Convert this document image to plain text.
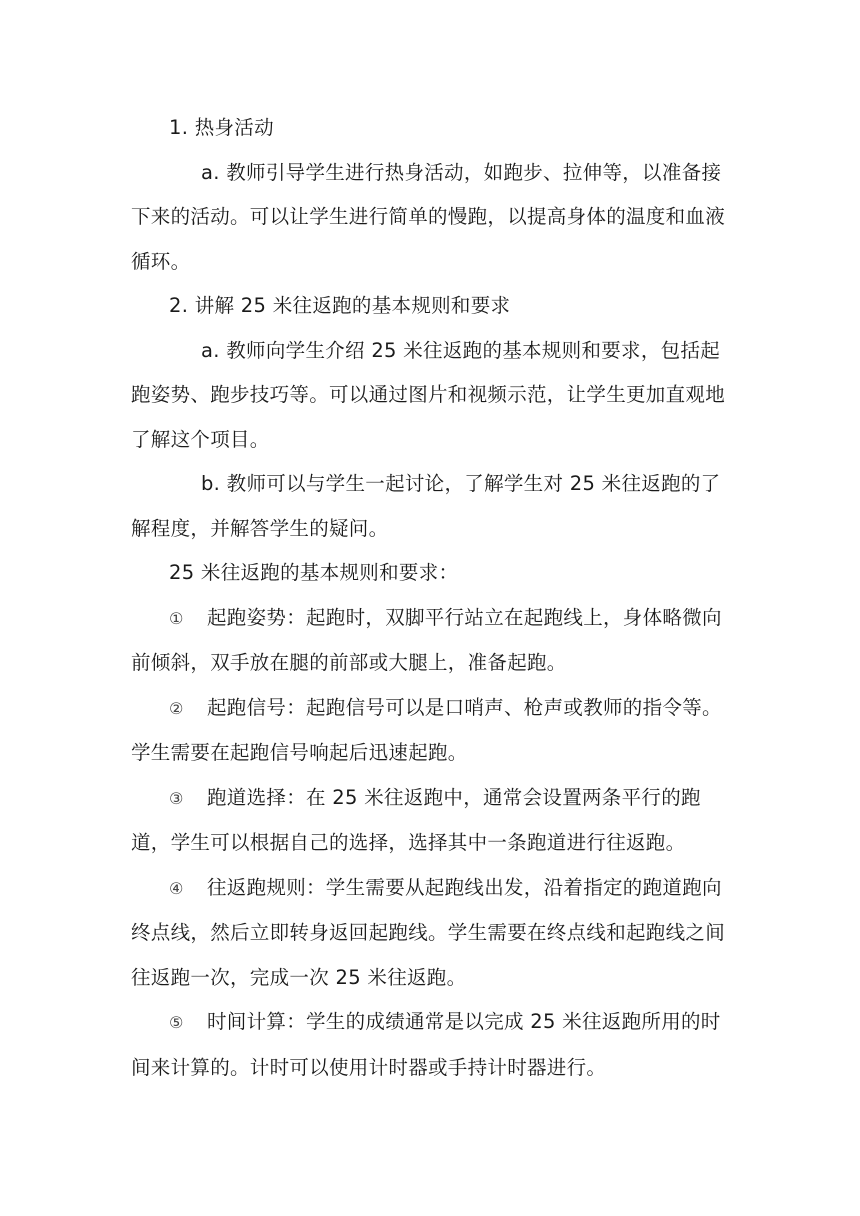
1. 热身活动

a. 教师引导学生进行热身活动，如跑步、拉伸等，以准备接下来的活动。可以让学生进行简单的慢跑，以提高身体的温度和血液循环。

2. 讲解 25 米往返跑的基本规则和要求

a. 教师向学生介绍 25 米往返跑的基本规则和要求，包括起跑姿势、跑步技巧等。可以通过图片和视频示范，让学生更加直观地了解这个项目。

b. 教师可以与学生一起讨论，了解学生对 25 米往返跑的了解程度，并解答学生的疑问。

25 米往返跑的基本规则和要求：

① 起跑姿势：起跑时，双脚平行站立在起跑线上，身体略微向前倾斜，双手放在腿的前部或大腿上，准备起跑。

② 起跑信号：起跑信号可以是口哨声、枪声或教师的指令等。学生需要在起跑信号响起后迅速起跑。

③ 跑道选择：在 25 米往返跑中，通常会设置两条平行的跑道，学生可以根据自己的选择，选择其中一条跑道进行往返跑。

④ 往返跑规则：学生需要从起跑线出发，沿着指定的跑道跑向终点线，然后立即转身返回起跑线。学生需要在终点线和起跑线之间往返跑一次，完成一次 25 米往返跑。

⑤ 时间计算：学生的成绩通常是以完成 25 米往返跑所用的时间来计算的。计时可以使用计时器或手持计时器进行。
